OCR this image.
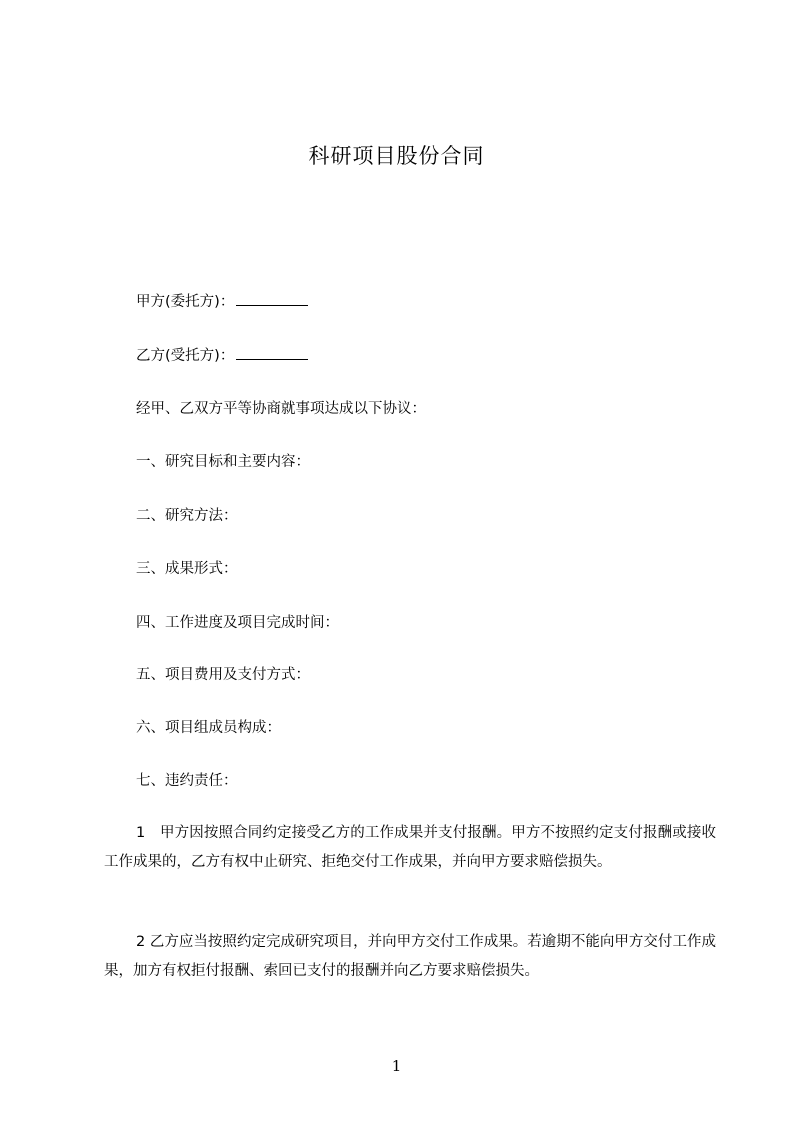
科研项目股份合同
甲方(委托方)：
乙方(受托方)：
经甲、乙双方平等协商就事项达成以下协议：
一、研究目标和主要内容：
二、研究方法：
三、成果形式：
四、工作进度及项目完成时间：
五、项目费用及支付方式：
六、项目组成员构成：
七、违约责任：
1　甲方因按照合同约定接受乙方的工作成果并支付报酬。甲方不按照约定支付报酬或接收工作成果的，乙方有权中止研究、拒绝交付工作成果，并向甲方要求赔偿损失。
2 乙方应当按照约定完成研究项目，并向甲方交付工作成果。若逾期不能向甲方交付工作成果，加方有权拒付报酬、索回已支付的报酬并向乙方要求赔偿损失。
1
